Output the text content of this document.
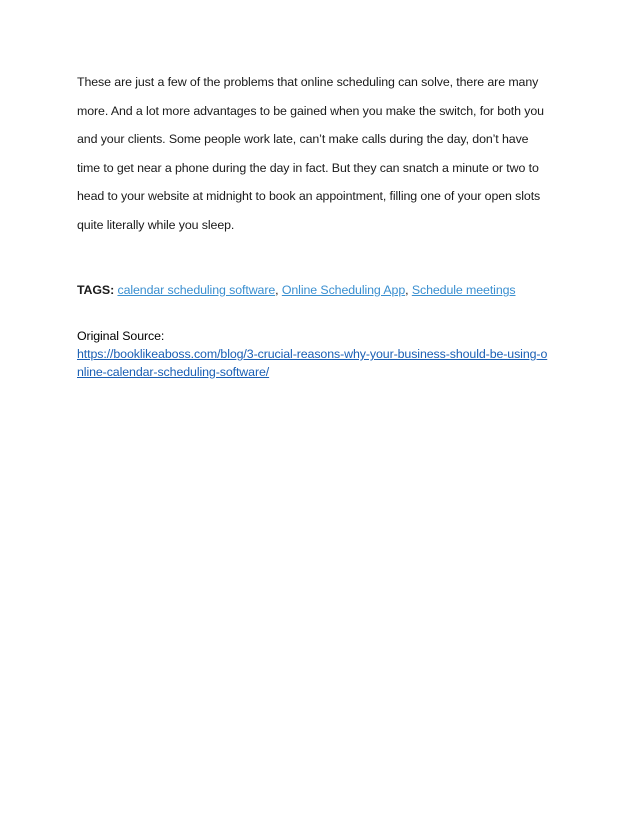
These are just a few of the problems that online scheduling can solve, there are many
more. And a lot more advantages to be gained when you make the switch, for both you
and your clients. Some people work late, can’t make calls during the day, don’t have
time to get near a phone during the day in fact. But they can snatch a minute or two to
head to your website at midnight to book an appointment, filling one of your open slots
quite literally while you sleep.
TAGS: calendar scheduling software, Online Scheduling App, Schedule meetings
Original Source:
https://booklikeaboss.com/blog/3-crucial-reasons-why-your-business-should-be-using-o
nline-calendar-scheduling-software/
